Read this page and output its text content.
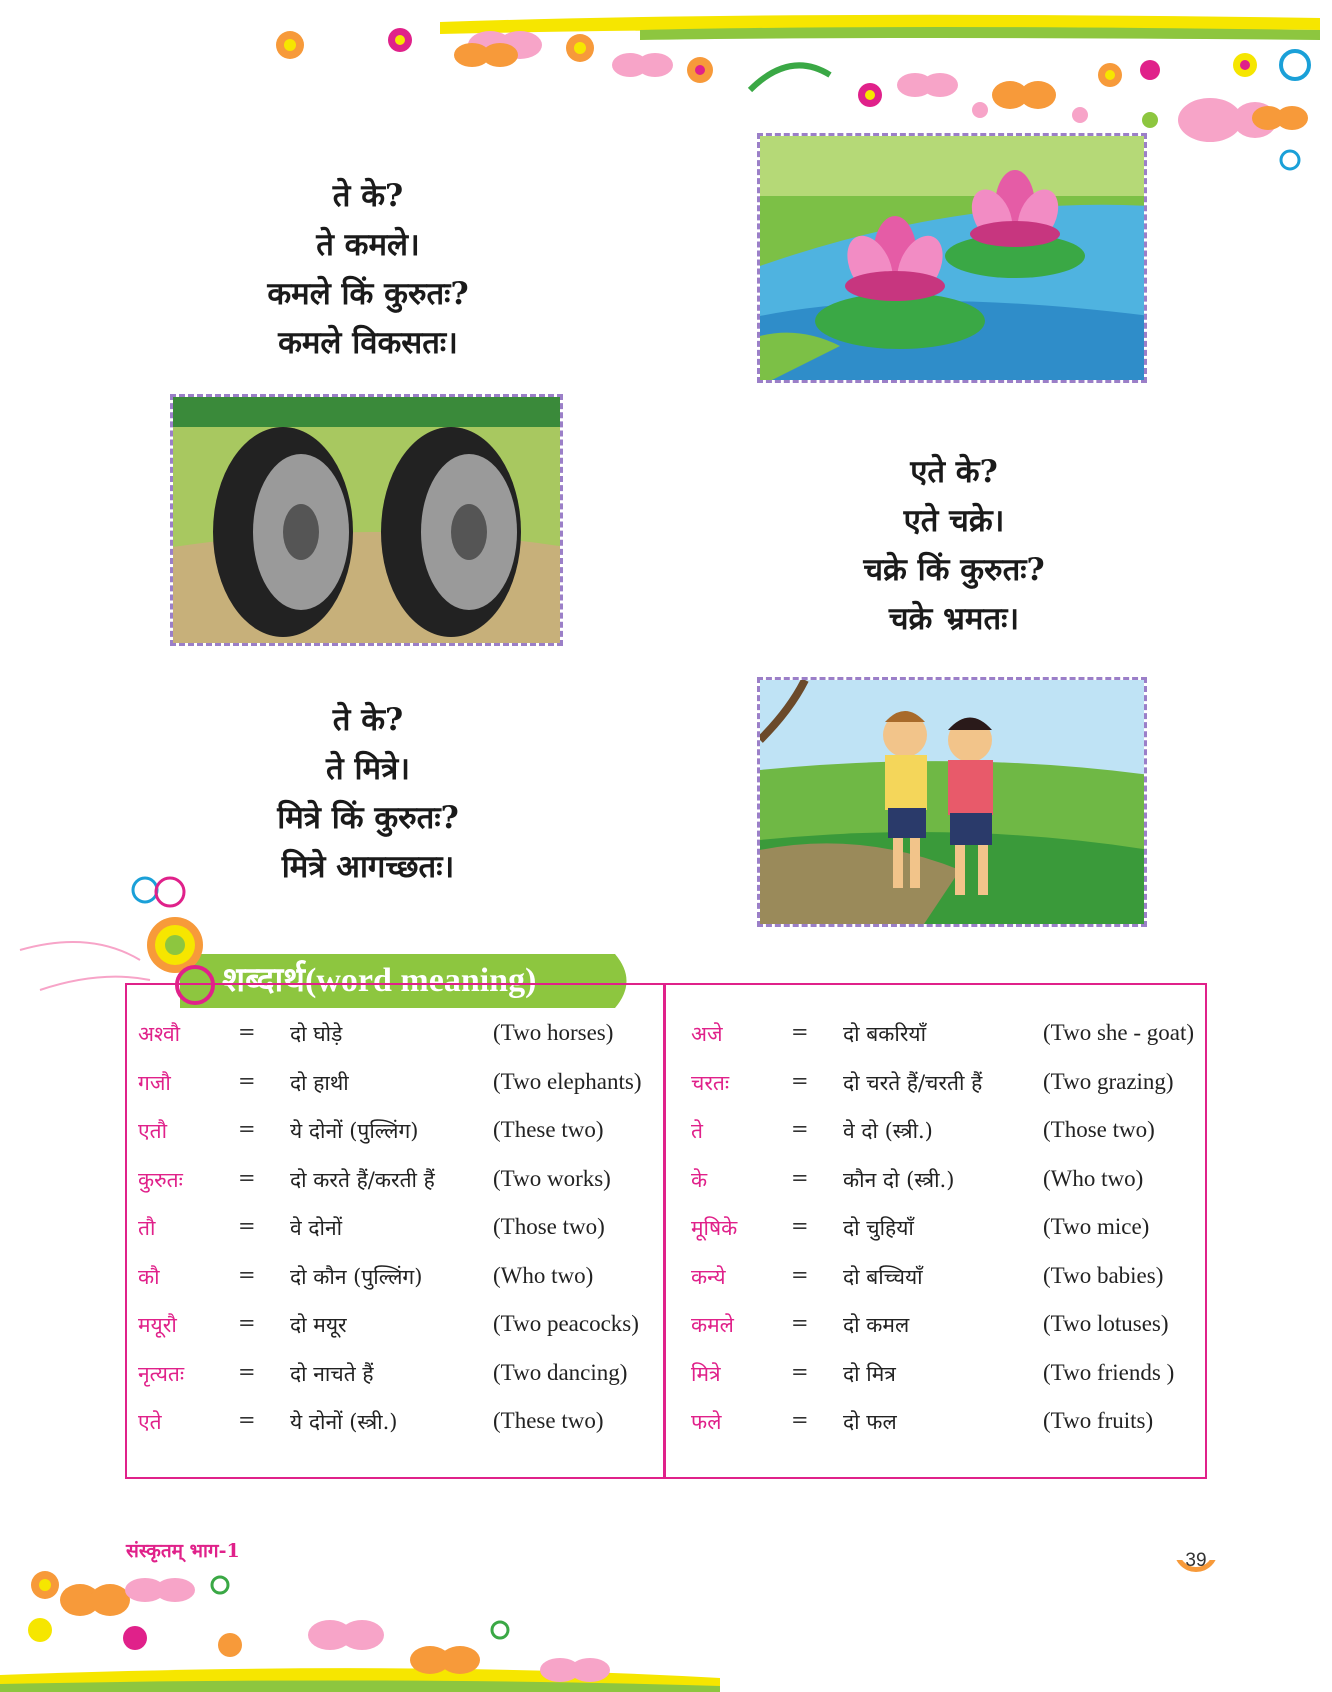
ते के?
ते कमले।
कमले किं कुरुतः?
कमले विकसतः।
एते के?
एते चक्रे।
चक्रे किं कुरुतः?
चक्रे भ्रमतः।
ते के?
ते मित्रे।
मित्रे किं कुरुतः?
मित्रे आगच्छतः।
शब्दार्थ(word meaning)
अश्वौ	= दो घोड़े	(Two horses)
गजौ	= दो हाथी	(Two elephants)
एतौ	= ये दोनों (पुल्लिंग)	(These two)
कुरुतः	= दो करते हैं/करती हैं	(Two works)
तौ	= वे दोनों	(Those two)
कौ	= दो कौन (पुल्लिंग)	(Who two)
मयूरौ	= दो मयूर	(Two peacocks)
नृत्यतः	= दो नाचते हैं	(Two dancing)
एते	= ये दोनों (स्त्री.)	(These two)
अजे	= दो बकरियाँ	(Two she - goat)
चरतः	= दो चरते हैं/चरती हैं	(Two grazing)
ते	= वे दो (स्त्री.)	(Those two)
के	= कौन दो (स्त्री.)	(Who two)
मूषिके	= दो चुहियाँ	(Two mice)
कन्ये	= दो बच्चियाँ	(Two babies)
कमले	= दो कमल	(Two lotuses)
मित्रे	= दो मित्र	(Two friends )
फले	= दो फल	(Two fruits)
संस्कृतम् भाग-1	39
